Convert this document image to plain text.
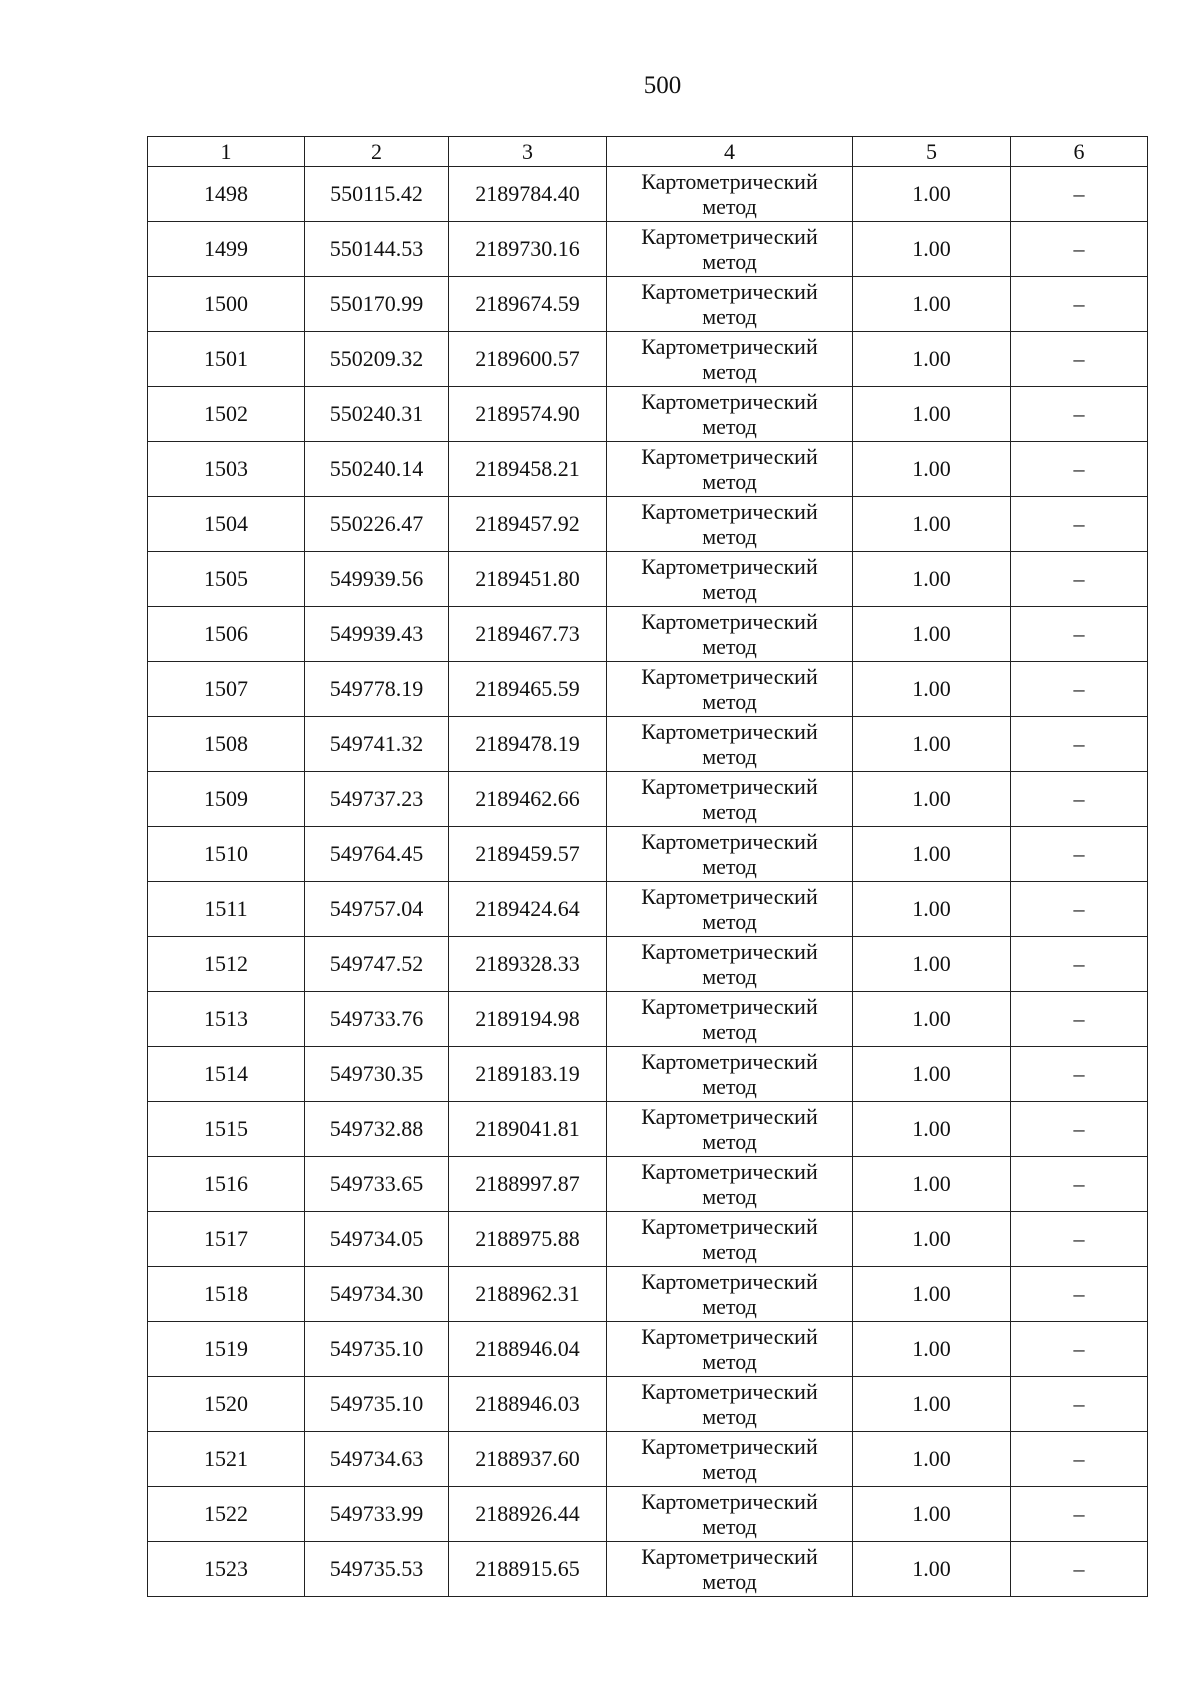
500
1	2	3	4	5	6
1498	550115.42	2189784.40	Картометрический
метод	1.00	–
1499	550144.53	2189730.16	Картометрический
метод	1.00	–
1500	550170.99	2189674.59	Картометрический
метод	1.00	–
1501	550209.32	2189600.57	Картометрический
метод	1.00	–
1502	550240.31	2189574.90	Картометрический
метод	1.00	–
1503	550240.14	2189458.21	Картометрический
метод	1.00	–
1504	550226.47	2189457.92	Картометрический
метод	1.00	–
1505	549939.56	2189451.80	Картометрический
метод	1.00	–
1506	549939.43	2189467.73	Картометрический
метод	1.00	–
1507	549778.19	2189465.59	Картометрический
метод	1.00	–
1508	549741.32	2189478.19	Картометрический
метод	1.00	–
1509	549737.23	2189462.66	Картометрический
метод	1.00	–
1510	549764.45	2189459.57	Картометрический
метод	1.00	–
1511	549757.04	2189424.64	Картометрический
метод	1.00	–
1512	549747.52	2189328.33	Картометрический
метод	1.00	–
1513	549733.76	2189194.98	Картометрический
метод	1.00	–
1514	549730.35	2189183.19	Картометрический
метод	1.00	–
1515	549732.88	2189041.81	Картометрический
метод	1.00	–
1516	549733.65	2188997.87	Картометрический
метод	1.00	–
1517	549734.05	2188975.88	Картометрический
метод	1.00	–
1518	549734.30	2188962.31	Картометрический
метод	1.00	–
1519	549735.10	2188946.04	Картометрический
метод	1.00	–
1520	549735.10	2188946.03	Картометрический
метод	1.00	–
1521	549734.63	2188937.60	Картометрический
метод	1.00	–
1522	549733.99	2188926.44	Картометрический
метод	1.00	–
1523	549735.53	2188915.65	Картометрический
метод	1.00	–
